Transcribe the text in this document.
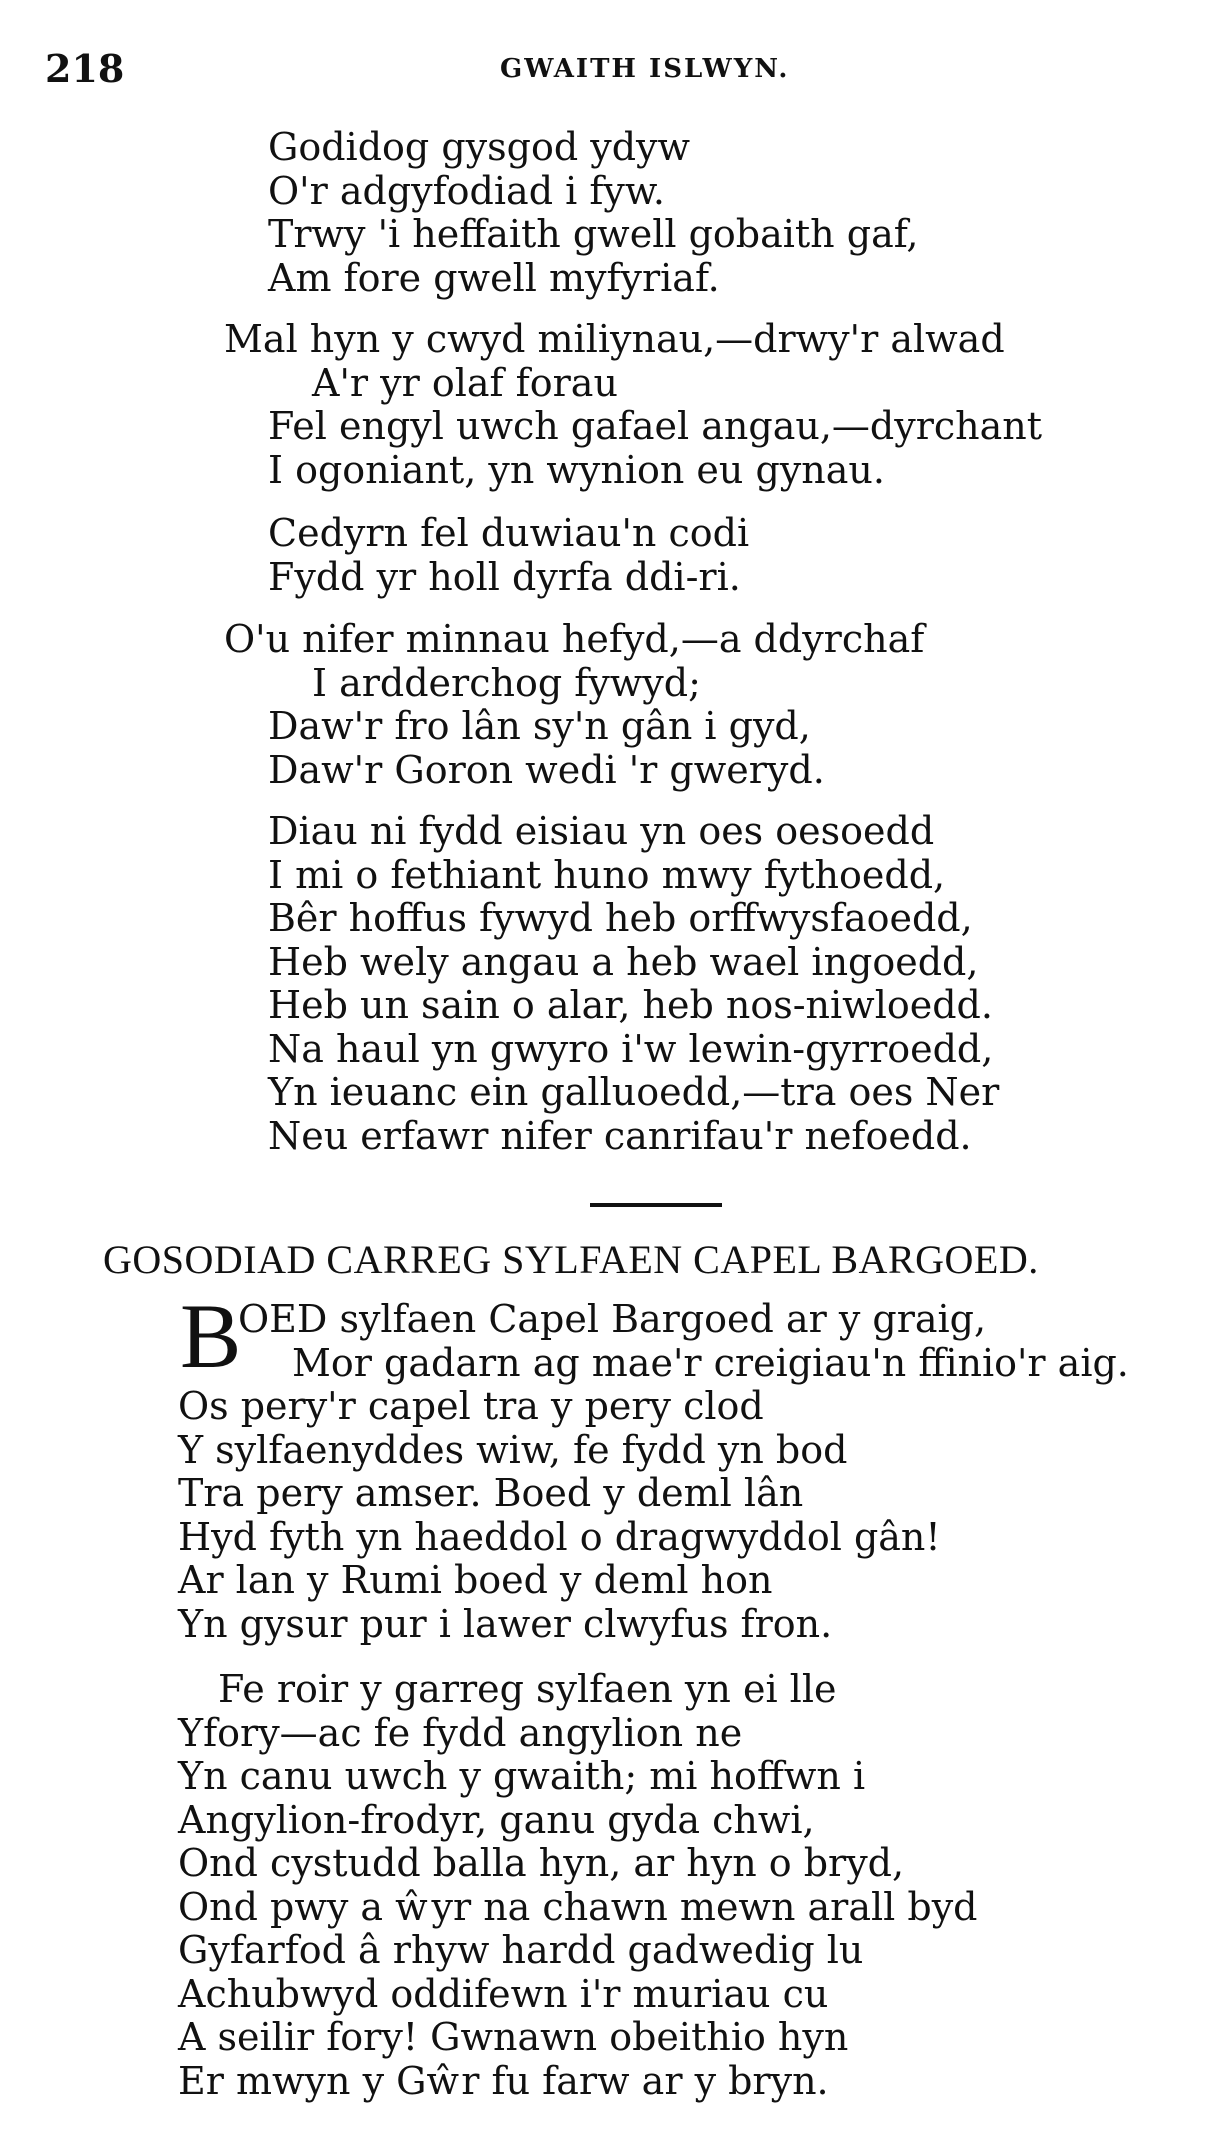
218	GWAITH ISLWYN.
Godidog gysgod ydyw
O'r adgyfodiad i fyw.
Trwy 'i heffaith gwell gobaith gaf,
Am fore gwell myfyriaf.
Mal hyn y cwyd miliynau,—drwy'r alwad
A'r yr olaf forau
Fel engyl uwch gafael angau,—dyrchant
I ogoniant, yn wynion eu gynau.
Cedyrn fel duwiau'n codi
Fydd yr holl dyrfa ddi-ri.
O'u nifer minnau hefyd,—a ddyrchaf
I ardderchog fywyd;
Daw'r fro lân sy'n gân i gyd,
Daw'r Goron wedi 'r gweryd.
Diau ni fydd eisiau yn oes oesoedd
I mi o fethiant huno mwy fythoedd,
Bêr hoffus fywyd heb orffwysfaoedd,
Heb wely angau a heb wael ingoedd,
Heb un sain o alar, heb nos-niwloedd.
Na haul yn gwyro i'w lewin-gyrroedd,
Yn ieuanc ein galluoedd,—tra oes Ner
Neu erfawr nifer canrifau'r nefoedd.
GOSODIAD CARREG SYLFAEN CAPEL BARGOED.
B
OED sylfaen Capel Bargoed ar y graig,
Mor gadarn ag mae'r creigiau'n ffinio'r aig.
Os pery'r capel tra y pery clod
Y sylfaenyddes wiw, fe fydd yn bod
Tra pery amser. Boed y deml lân
Hyd fyth yn haeddol o dragwyddol gân!
Ar lan y Rumi boed y deml hon
Yn gysur pur i lawer clwyfus fron.
Fe roir y garreg sylfaen yn ei lle
Yfory—ac fe fydd angylion ne
Yn canu uwch y gwaith; mi hoffwn i
Angylion-frodyr, ganu gyda chwi,
Ond cystudd balla hyn, ar hyn o bryd,
Ond pwy a ŵyr na chawn mewn arall byd
Gyfarfod â rhyw hardd gadwedig lu
Achubwyd oddifewn i'r muriau cu
A seilir fory! Gwnawn obeithio hyn
Er mwyn y Gŵr fu farw ar y bryn.
